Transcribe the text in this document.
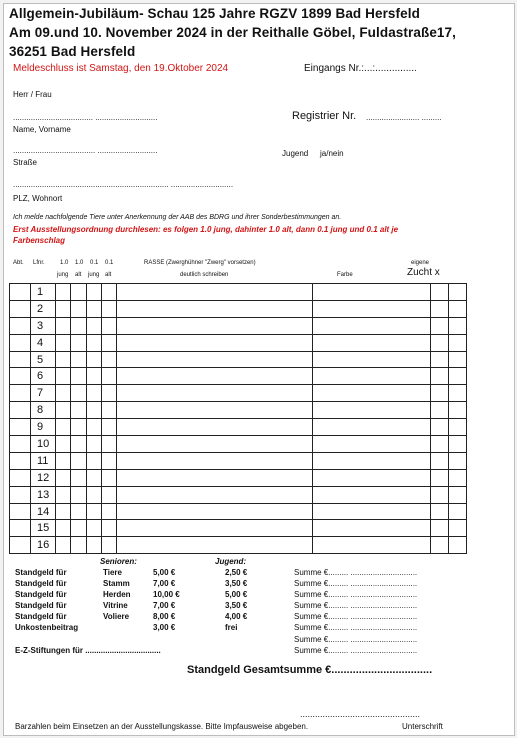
Allgemein-Jubiläum- Schau 125 Jahre RGZV 1899 Bad Hersfeld
Am 09.und 10. November 2024 in der Reithalle Göbel, Fuldastraße17,
36251 Bad Hersfeld
Meldeschluss ist Samstag, den 19.Oktober 2024	Eingangs Nr.:...:...............
Herr / Frau
.................................... ............................
Name, Vorname
Registrier Nr. ........................ .........
..................................... ...........................
Straße
Jugend ja/nein
...................................................................... ............................
PLZ, Wohnort
Ich melde nachfolgende Tiere unter Anerkennung der AAB des BDRG und ihrer Sonderbestimmungen an.
Erst Ausstellungsordnung durchlesen: es folgen 1.0 jung, dahinter 1.0 alt, dann 0.1 jung und 0.1 alt je
Farbenschlag
Abt. Lfnr.	1.0 1.0 0.1 0.1
jung alt jung alt
RASSE (Zwerghühner "Zwerg" vorsetzen)
deutlich schreiben	Farbe
eigene
Zucht x
	1								
	2								
	3								
	4								
	5								
	6								
	7								
	8								
	9								
	10								
	11								
	12								
	13								
	14								
	15								
	16								
Senioren:	Jugend:
Standgeld für	Tiere	5,00 €	2,50 €	Summe €......... ..............................
Standgeld für	Stamm	7,00 €	3,50 €	Summe €......... ..............................
Standgeld für	Herden	10,00 €	5,00 €	Summe €......... ..............................
Standgeld für	Vitrine	7,00 €	3,50 €	Summe €......... ..............................
Standgeld für	Voliere	8,00 €	4,00 €	Summe €......... ..............................
Unkostenbeitrag	3,00 €	frei	Summe €......... ..............................
Summe €......... ..............................
E-Z-Stiftungen für ..................................	Summe €......... ..............................
Standgeld Gesamtsumme €.................................
................................................
Barzahlen beim Einsetzen an der Ausstellungskasse. Bitte Impfausweise abgeben.	Unterschrift
